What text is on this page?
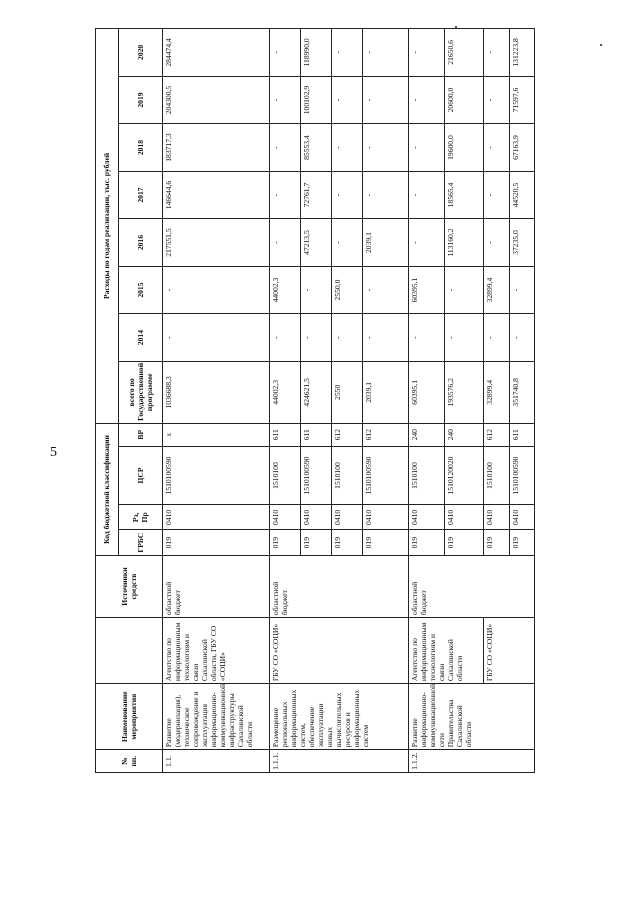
5
№ пп.	Наименование мероприятия		Источники средств	Код бюджетной классификации				Расходы по годам реализации, тыс. рублей							
				ГРБС	Рз, Пр	ЦСР	ВР	всего по Государственной программе	2014	2015	2016	2017	2018	2019	2020
1.1.	Развитие (модернизация), техническое сопровождение и эксплуатация информационно-коммуникационной инфраструктуры Сахалинской области	Агентство по информационным технологиям и связи Сахалинской области, ГБУ СО «СОЦИ»	областной бюджет	019	0410	1510100590	x	1036688,3	-	-	217551,5	146644,6	183717,3	204300,5	284474,4
1.1.1.	Размещение региональных информационных систем, обеспечение эксплуатации новых вычислительных ресурсов и информационных систем	ГБУ СО «СОЦИ»	областной бюджет	019	0410	1510100	611	44002,3	-	44002,3	-	-	-	-	-
				019	0410	1510100590	611	424621,5	-	-	47213,5	72761,7	85553,4	100102,9	118990,0
				019	0410	1510100	612	2550	-	2550,0	-	-	-	-	-
				019	0410	1510100590	612	2039,1	-	-	2039,1	-	-	-	-
1.1.2.	Развитие информационно-коммуникационной сети Правительства Сахалинской области	Агентство по информационным технологиям и связи Сахалинской области	областной бюджет	019	0410	1510100	240	60395,1	-	60395,1	-	-	-	-	-
				019	0410	1510120020	240	193576,2	-	-	113160,2	18565,4	19600,0	20600,0	21650,6
		ГБУ СО «СОЦИ»		019	0410	1510100	612	32899,4	-	32899,4	-	-	-	-	-
				019	0410	1510100590	611	351740,8	-	-	37235,0	44520,5	67163,9	71597,6	131223,8
